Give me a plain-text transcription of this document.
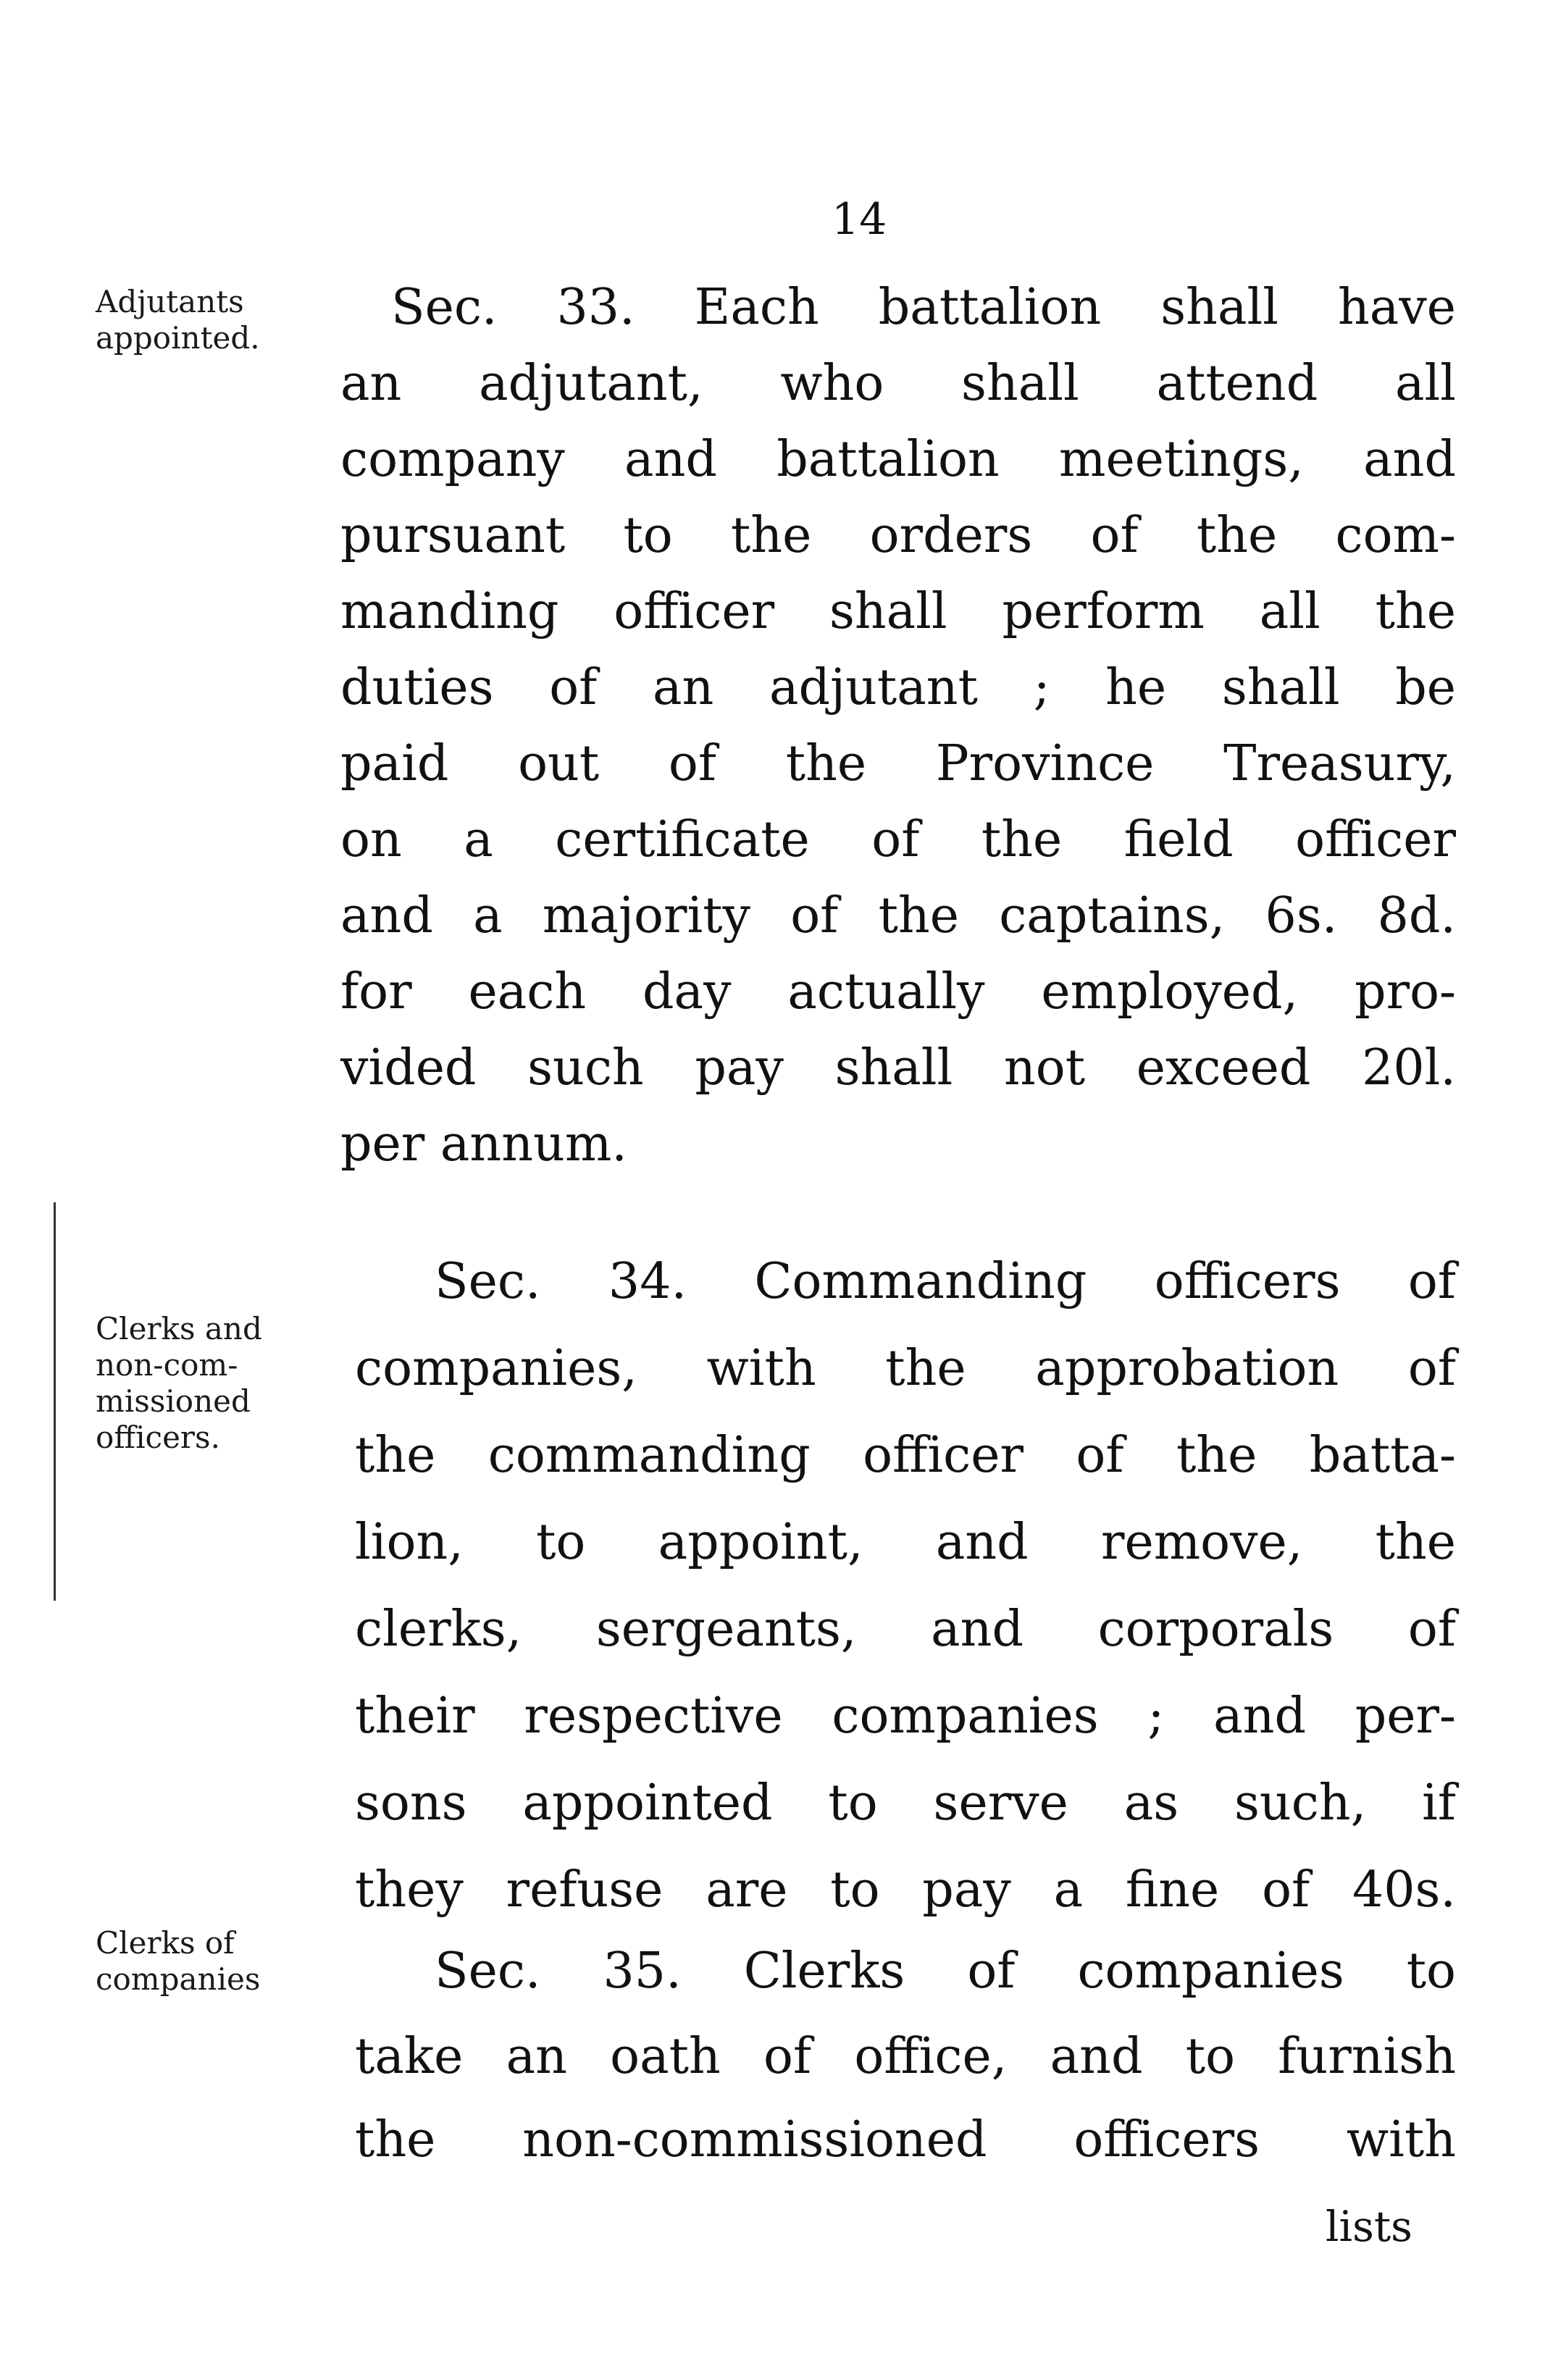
14
Adjutants
appointed.
Clerks and
non-com-
missioned
officers.
Clerks of
companies
Sec. 33. Each battalion shall have
an adjutant, who shall attend all
company and battalion meetings, and
pursuant to the orders of the com-
manding officer shall perform all the
duties of an adjutant ; he shall be
paid out of the Province Treasury,
on a certificate of the field officer
and a majority of the captains, 6s. 8d.
for each day actually employed, pro-
vided such pay shall not exceed 20l.
per annum.
Sec. 34. Commanding officers of
companies, with the approbation of
the commanding officer of the batta-
lion, to appoint, and remove, the
clerks, sergeants, and corporals of
their respective companies ; and per-
sons appointed to serve as such, if
they refuse are to pay a fine of 40s.
Sec. 35. Clerks of companies to
take an oath of office, and to furnish
the non-commissioned officers with
lists
